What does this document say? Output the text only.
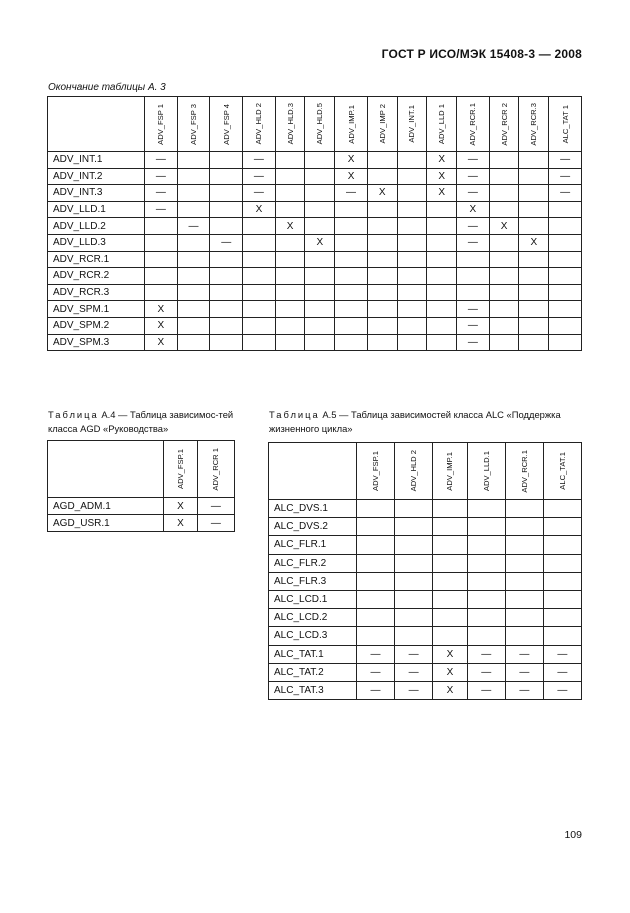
ГОСТ Р ИСО/МЭК 15408-3 — 2008
Окончание таблицы А. 3

	ADV_FSP 1	ADV_FSP 3	ADV_FSP 4	ADV_HLD 2	ADV_HLD.3	ADV_HLD.5	ADV_IMP.1	ADV_IMP 2	ADV_INT.1	ADV_LLD 1	ADV_RCR.1	ADV_RCR 2	ADV_RCR.3	ALC_TAT 1

ADV_INT.1	—			—			X			X	—			—
ADV_INT.2	—			—			X			X	—			—
ADV_INT.3	—			—			—	X		X	—			—
ADV_LLD.1	—			X							X			
ADV_LLD.2		—			X						—	X		
ADV_LLD.3			—			X					—		X	
ADV_RCR.1														
ADV_RCR.2														
ADV_RCR.3														
ADV_SPM.1	X										—			
ADV_SPM.2	X										—			
ADV_SPM.3	X										—			
Таблица А.4 — Таблица зависимос-тей класса AGD «Руководства»

	ADV_FSP.1	ADV_RCR 1

AGD_ADM.1	X	—
AGD_USR.1	X	—
Таблица А.5 — Таблица зависимостей класса ALC «Поддержка жизненного цикла»

	ADV_FSP.1	ADV_HLD 2	ADV_IMP.1	ADV_LLD.1	ADV_RCR.1	ALC_TAT.1

ALC_DVS.1						
ALC_DVS.2						
ALC_FLR.1						
ALC_FLR.2						
ALC_FLR.3						
ALC_LCD.1						
ALC_LCD.2						
ALC_LCD.3						
ALC_TAT.1	—	—	X	—	—	—
ALC_TAT.2	—	—	X	—	—	—
ALC_TAT.3	—	—	X	—	—	—
109
